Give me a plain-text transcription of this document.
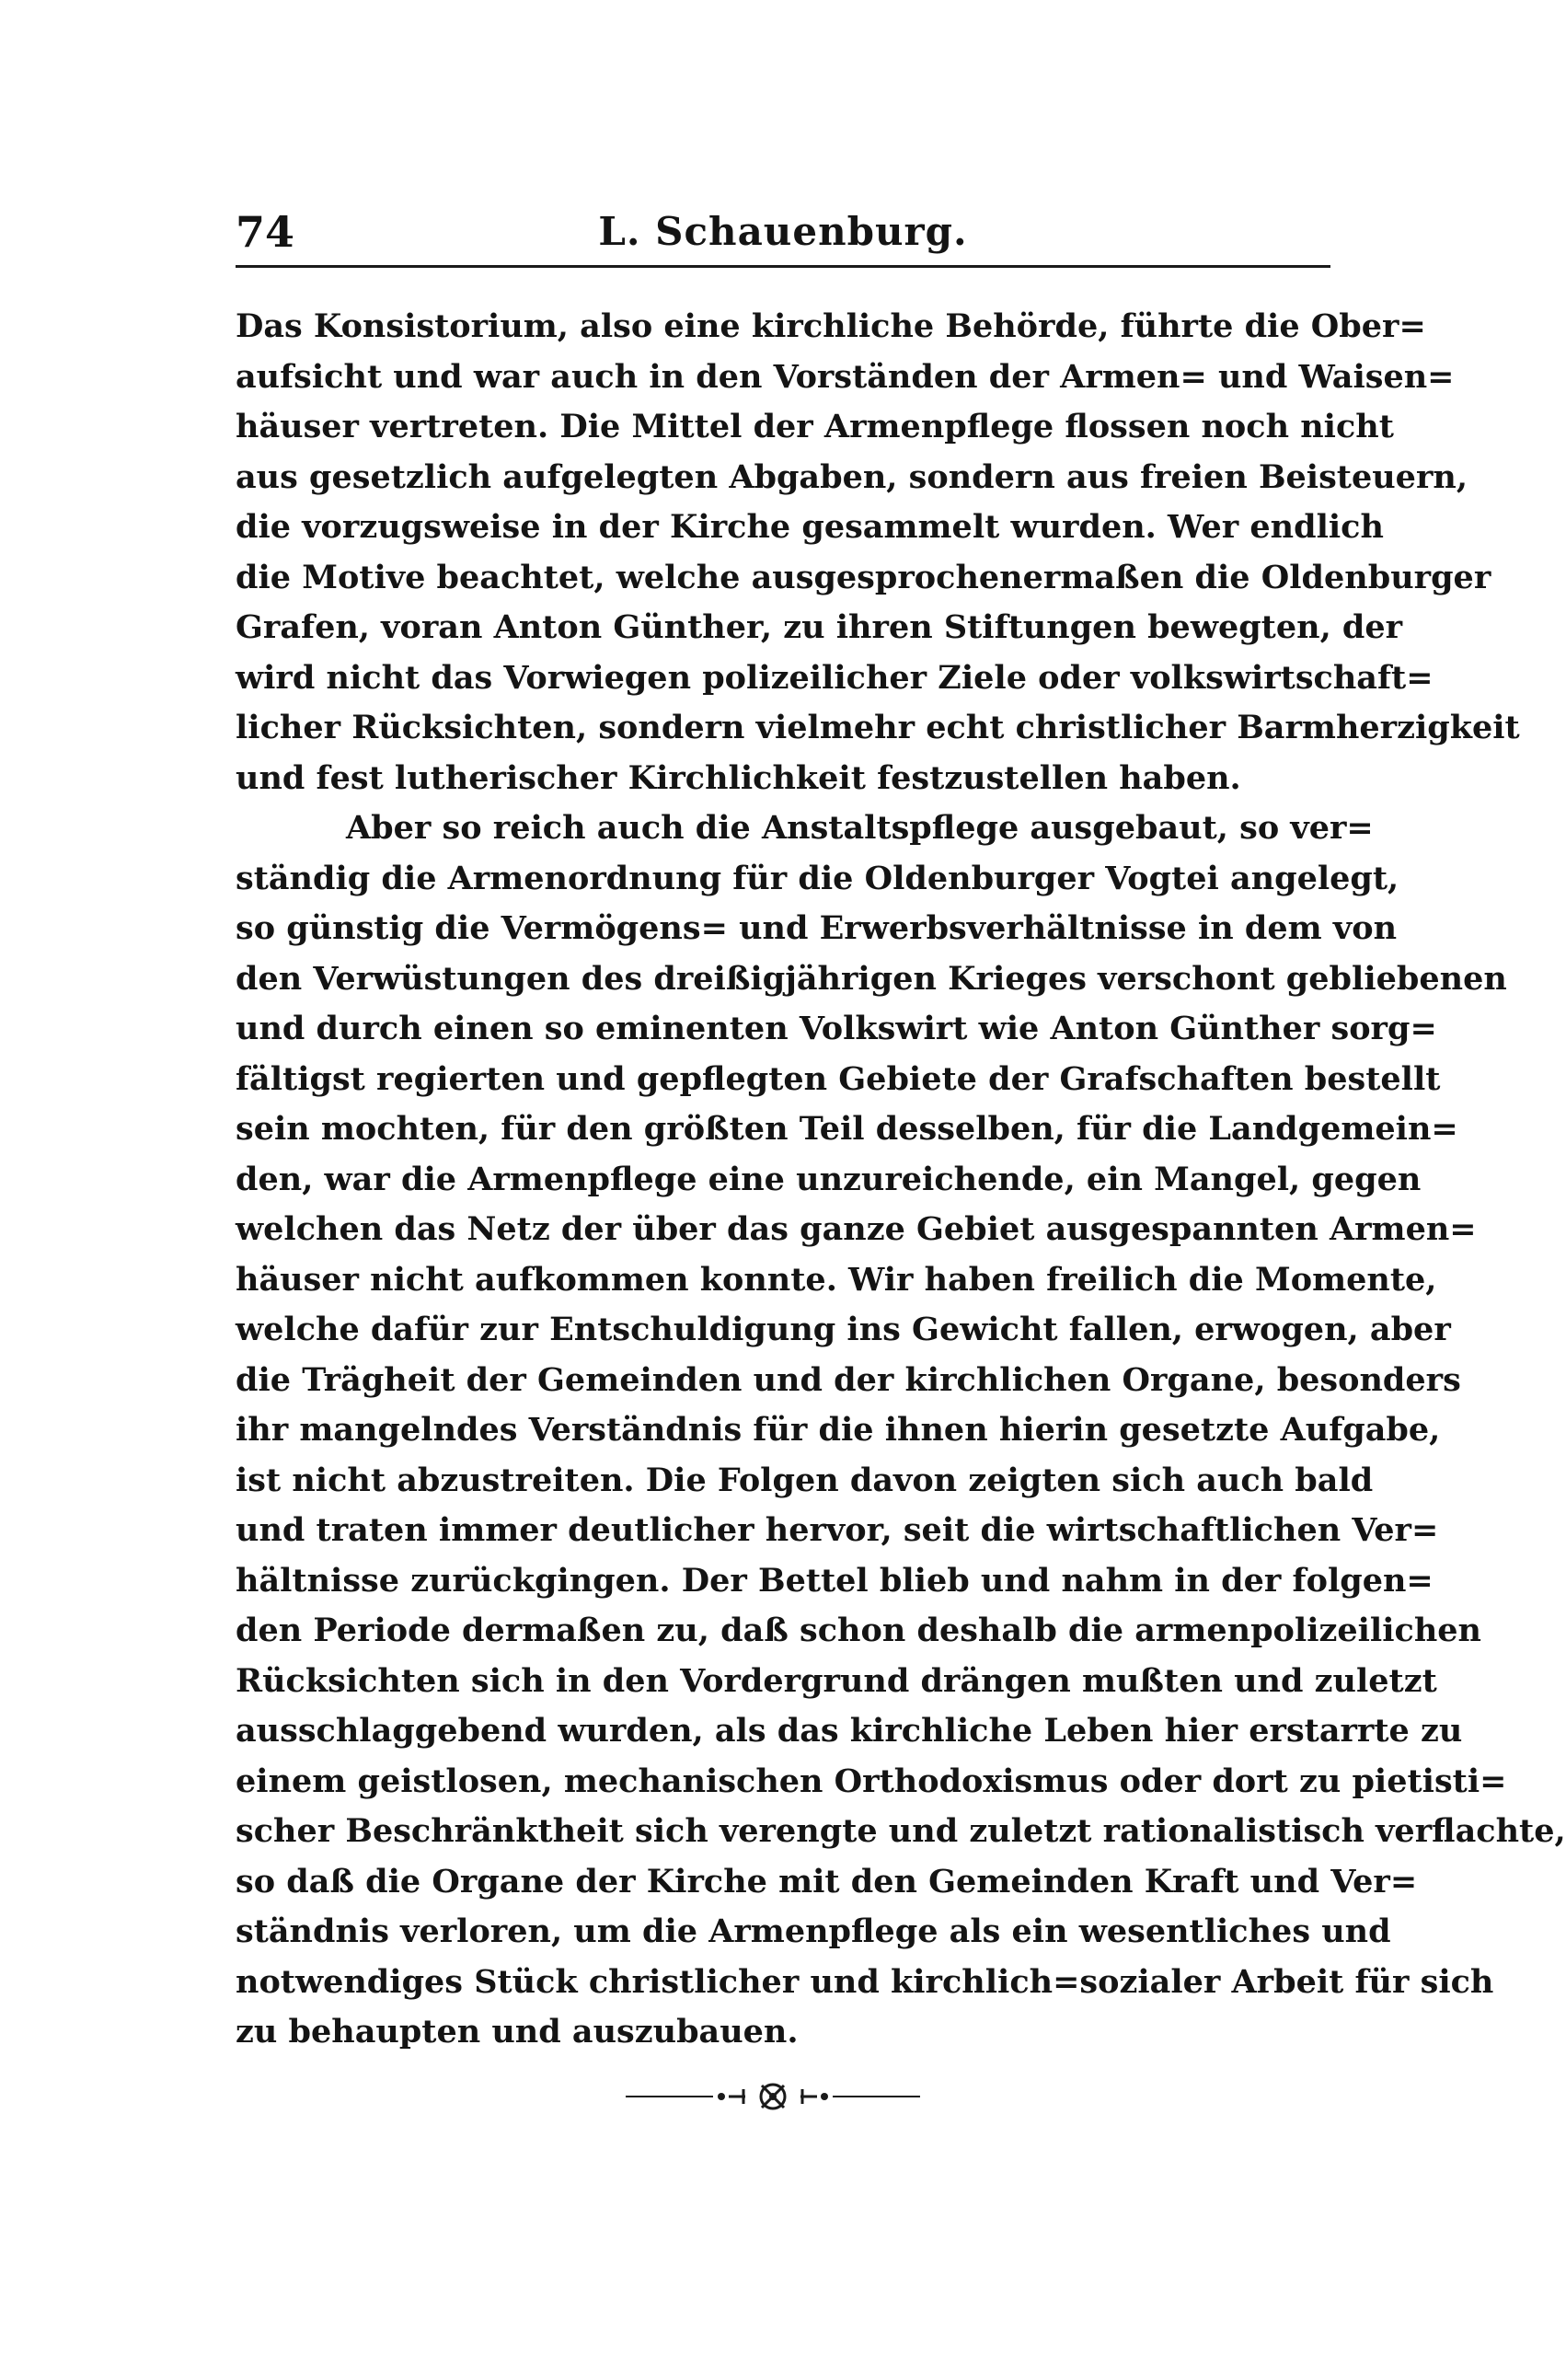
74	L. Schauenburg.
Das Konsistorium, also eine kirchliche Behörde, führte die Ober=
aufsicht und war auch in den Vorständen der Armen= und Waisen=
häuser vertreten. Die Mittel der Armenpflege flossen noch nicht
aus gesetzlich aufgelegten Abgaben, sondern aus freien Beisteuern,
die vorzugsweise in der Kirche gesammelt wurden. Wer endlich
die Motive beachtet, welche ausgesprochenermaßen die Oldenburger
Grafen, voran Anton Günther, zu ihren Stiftungen bewegten, der
wird nicht das Vorwiegen polizeilicher Ziele oder volkswirtschaft=
licher Rücksichten, sondern vielmehr echt christlicher Barmherzigkeit
und fest lutherischer Kirchlichkeit festzustellen haben.
Aber so reich auch die Anstaltspflege ausgebaut, so ver=
ständig die Armenordnung für die Oldenburger Vogtei angelegt,
so günstig die Vermögens= und Erwerbsverhältnisse in dem von
den Verwüstungen des dreißigjährigen Krieges verschont gebliebenen
und durch einen so eminenten Volkswirt wie Anton Günther sorg=
fältigst regierten und gepflegten Gebiete der Grafschaften bestellt
sein mochten, für den größten Teil desselben, für die Landgemein=
den, war die Armenpflege eine unzureichende, ein Mangel, gegen
welchen das Netz der über das ganze Gebiet ausgespannten Armen=
häuser nicht aufkommen konnte. Wir haben freilich die Momente,
welche dafür zur Entschuldigung ins Gewicht fallen, erwogen, aber
die Trägheit der Gemeinden und der kirchlichen Organe, besonders
ihr mangelndes Verständnis für die ihnen hierin gesetzte Aufgabe,
ist nicht abzustreiten. Die Folgen davon zeigten sich auch bald
und traten immer deutlicher hervor, seit die wirtschaftlichen Ver=
hältnisse zurückgingen. Der Bettel blieb und nahm in der folgen=
den Periode dermaßen zu, daß schon deshalb die armenpolizeilichen
Rücksichten sich in den Vordergrund drängen mußten und zuletzt
ausschlaggebend wurden, als das kirchliche Leben hier erstarrte zu
einem geistlosen, mechanischen Orthodoxismus oder dort zu pietisti=
scher Beschränktheit sich verengte und zuletzt rationalistisch verflachte,
so daß die Organe der Kirche mit den Gemeinden Kraft und Ver=
ständnis verloren, um die Armenpflege als ein wesentliches und
notwendiges Stück christlicher und kirchlich=sozialer Arbeit für sich
zu behaupten und auszubauen.
